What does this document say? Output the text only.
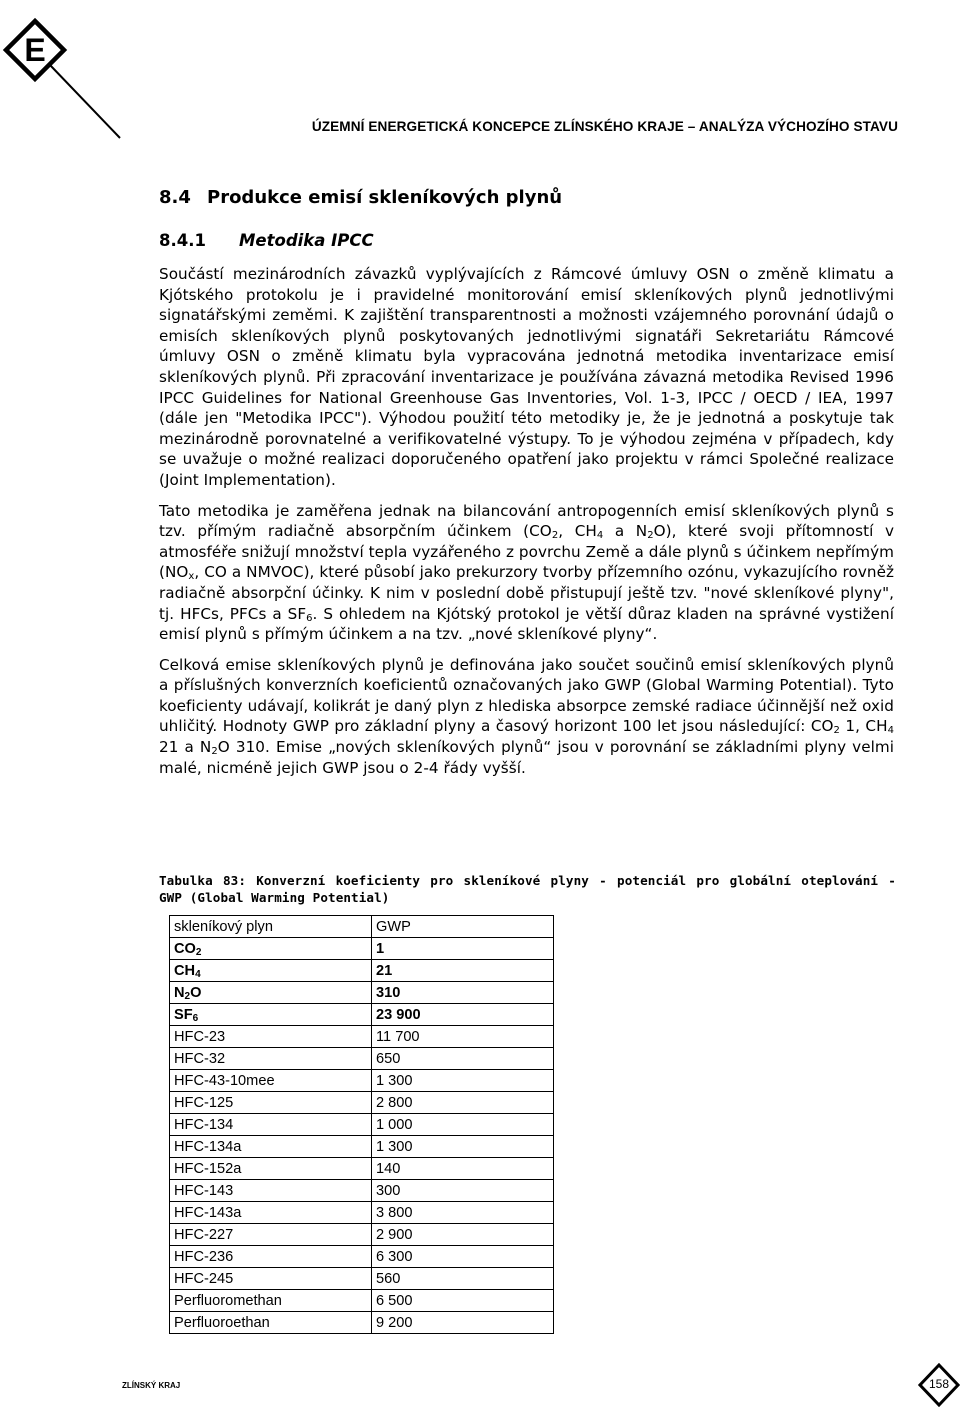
E
ÚZEMNÍ ENERGETICKÁ KONCEPCE ZLÍNSKÉHO KRAJE – ANALÝZA VÝCHOZÍHO STAVU
8.4 Produkce emisí skleníkových plynů
8.4.1 Metodika IPCC

Součástí mezinárodních závazků vyplývajících z Rámcové úmluvy OSN o změně klimatu a Kjótského protokolu je i pravidelné monitorování emisí skleníkových plynů jednotlivými signatářskými zeměmi. K zajištění transparentnosti a možnosti vzájemného porovnání údajů o emisích skleníkových plynů poskytovaných jednotlivými signatáři Sekretariátu Rámcové úmluvy OSN o změně klimatu byla vypracována jednotná metodika inventarizace emisí skleníkových plynů. Při zpracování inventarizace je používána závazná metodika Revised 1996 IPCC Guidelines for National Greenhouse Gas Inventories, Vol. 1-3, IPCC / OECD / IEA, 1997 (dále jen "Metodika IPCC"). Výhodou použití této metodiky je, že je jednotná a poskytuje tak mezinárodně porovnatelné a verifikovatelné výstupy. To je výhodou zejména v případech, kdy se uvažuje o možné realizaci doporučeného opatření jako projektu v rámci Společné realizace (Joint Implementation).

Tato metodika je zaměřena jednak na bilancování antropogenních emisí skleníkových plynů s tzv. přímým radiačně absorpčním účinkem ($CO_2$, $CH_4$ a $N_2O$), které svoji přítomností v atmosféře snižují množství tepla vyzářeného z povrchu Země a dále plynů s účinkem nepřímým ($NO_x$, CO a NMVOC), které působí jako prekurzory tvorby přízemního ozónu, vykazujícího rovněž radiačně absorpční účinky. K nim v poslední době přistupují ještě tzv. "nové skleníkové plyny", tj. HFCs, PFCs a $SF_6$. S ohledem na Kjótský protokol je větší důraz kladen na správné vystižení emisí plynů s přímým účinkem a na tzv. „nové skleníkové plyny“.

Celková emise skleníkových plynů je definována jako součet součinů emisí skleníkových plynů a příslušných konverzních koeficientů označovaných jako GWP (Global Warming Potential). Tyto koeficienty udávají, kolikrát je daný plyn z hlediska absorpce zemské radiace účinnější než oxid uhličitý. Hodnoty GWP pro základní plyny a časový horizont 100 let jsou následující: $CO_2$ 1, $CH_4$ 21 a $N_2O$ 310. Emise „nových skleníkových plynů“ jsou v porovnání se základními plyny velmi malé, nicméně jejich GWP jsou o 2-4 řády vyšší.

Tabulka 83: Konverzní koeficienty pro skleníkové plyny - potenciál pro globální oteplování - GWP (Global Warming Potential)

skleníkový plyn	GWP
$CO_2$	1
$CH_4$	21
$N_2O$	310
$SF_6$	23 900
HFC-23	11 700
HFC-32	650
HFC-43-10mee	1 300
HFC-125	2 800
HFC-134	1 000
HFC-134a	1 300
HFC-152a	140
HFC-143	300
HFC-143a	3 800
HFC-227	2 900
HFC-236	6 300
HFC-245	560
Perfluoromethan	6 500
Perfluoroethan	9 200
ZLÍNSKÝ KRAJ	158
